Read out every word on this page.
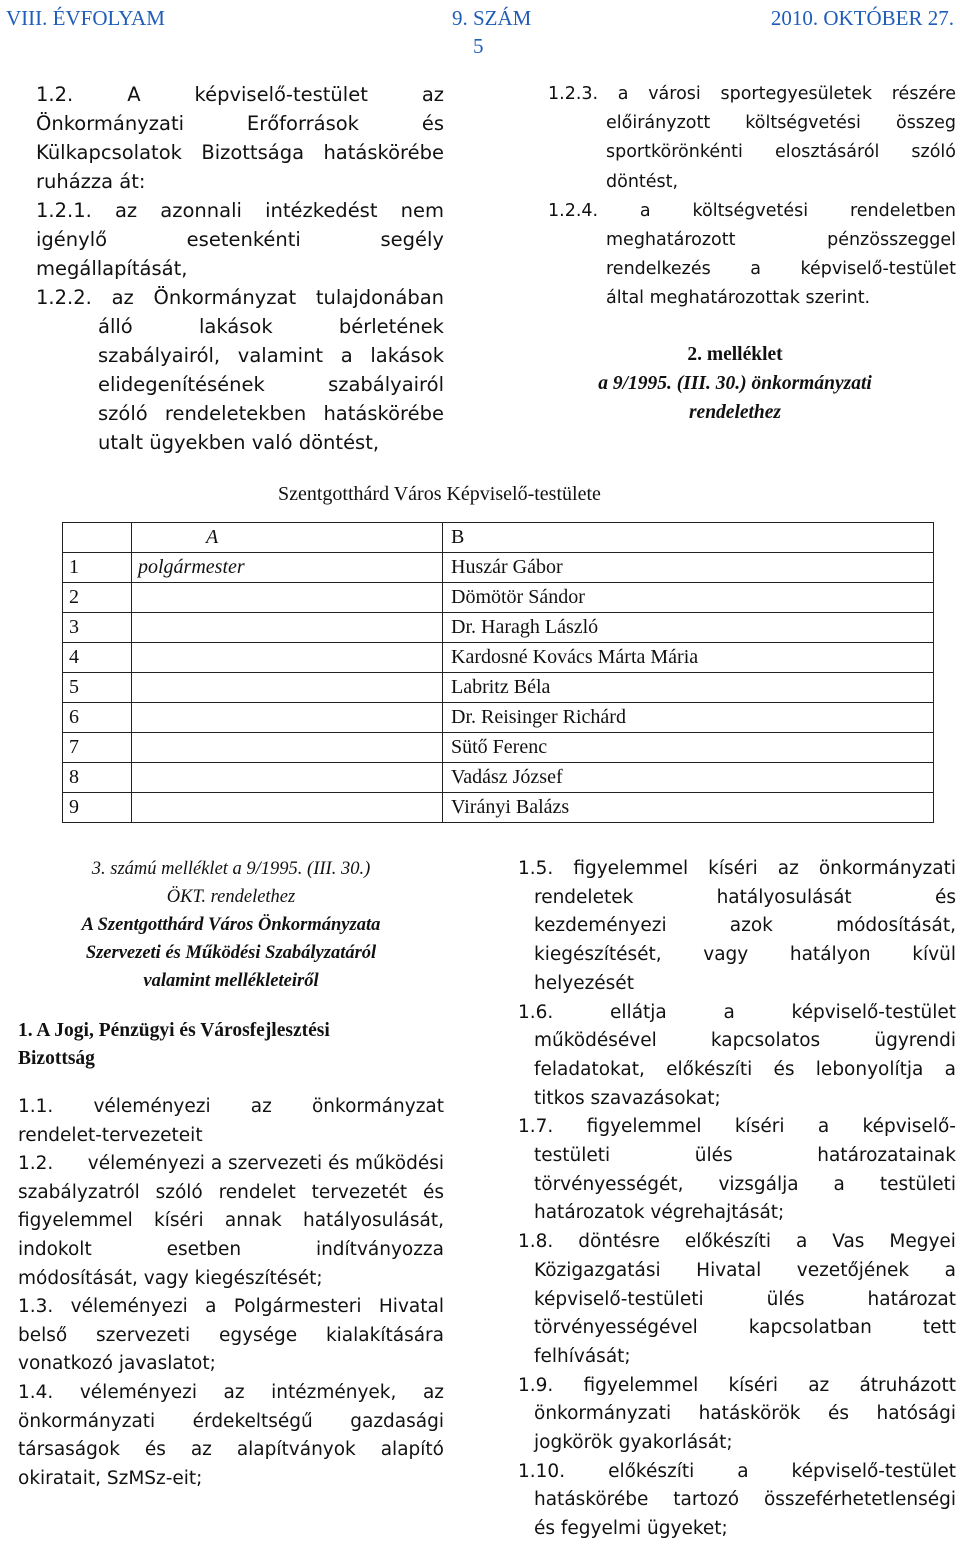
VIII. ÉVFOLYAM	9. SZÁM	2010. OKTÓBER 27.
5
1.2.	A	képviselő-testület	az
Önkormányzati	Erőforrások	és
Külkapcsolatok Bizottsága hatáskörébe
ruházza át:
1.2.1. az azonnali intézkedést nem
igénylő	esetenkénti	segély
megállapítását,
1.2.2. az Önkormányzat tulajdonában
álló	lakások	bérletének
szabályairól, valamint a lakások
elidegenítésének	szabályairól
szóló rendeletekben hatáskörébe
utalt ügyekben való döntést,
1.2.3. a városi sportegyesületek részére
előirányzott költségvetési összeg
sportkörönkénti elosztásáról szóló
döntést,
1.2.4. a költségvetési rendeletben
meghatározott	pénzösszeggel
rendelkezés a képviselő-testület
által meghatározottak szerint.
2. melléklet
a 9/1995. (III. 30.) önkormányzati
rendelethez
Szentgotthárd Város Képviselő-testülete
	A	B
1	polgármester	Huszár Gábor
2		Dömötör Sándor
3		Dr. Haragh László
4		Kardosné Kovács Márta Mária
5		Labritz Béla
6		Dr. Reisinger Richárd
7		Sütő Ferenc
8		Vadász József
9		Virányi Balázs
3. számú melléklet a 9/1995. (III. 30.)
ÖKT. rendelethez
A Szentgotthárd Város Önkormányzata
Szervezeti és Működési Szabályzatáról
valamint mellékleteiről
1. A Jogi, Pénzügyi és Városfejlesztési
Bizottság
1.1. véleményezi az önkormányzat
rendelet-tervezeteit
1.2. véleményezi a szervezeti és működési
szabályzatról szóló rendelet tervezetét és
figyelemmel kíséri annak hatályosulását,
indokolt	esetben	indítványozza
módosítását, vagy kiegészítését;
1.3. véleményezi a Polgármesteri Hivatal
belső szervezeti egysége kialakítására
vonatkozó javaslatot;
1.4. véleményezi az intézmények, az
önkormányzati érdekeltségű gazdasági
társaságok és az alapítványok alapító
okiratait, SzMSz-eit;
1.5. figyelemmel kíséri az önkormányzati
rendeletek	hatályosulását	és
kezdeményezi	azok	módosítását,
kiegészítését, vagy hatályon kívül
helyezését
1.6.	ellátja	a	képviselő-testület
működésével	kapcsolatos	ügyrendi
feladatokat, előkészíti és lebonyolítja a
titkos szavazásokat;
1.7. figyelemmel kíséri a képviselő-
testületi	ülés	határozatainak
törvényességét, vizsgálja a testületi
határozatok végrehajtását;
1.8. döntésre előkészíti a Vas Megyei
Közigazgatási Hivatal vezetőjének a
képviselő-testületi	ülés	határozat
törvényességével	kapcsolatban	tett
felhívását;
1.9. figyelemmel kíséri az átruházott
önkormányzati hatáskörök és hatósági
jogkörök gyakorlását;
1.10. előkészíti a képviselő-testület
hatáskörébe tartozó összeférhetetlenségi
és fegyelmi ügyeket;
